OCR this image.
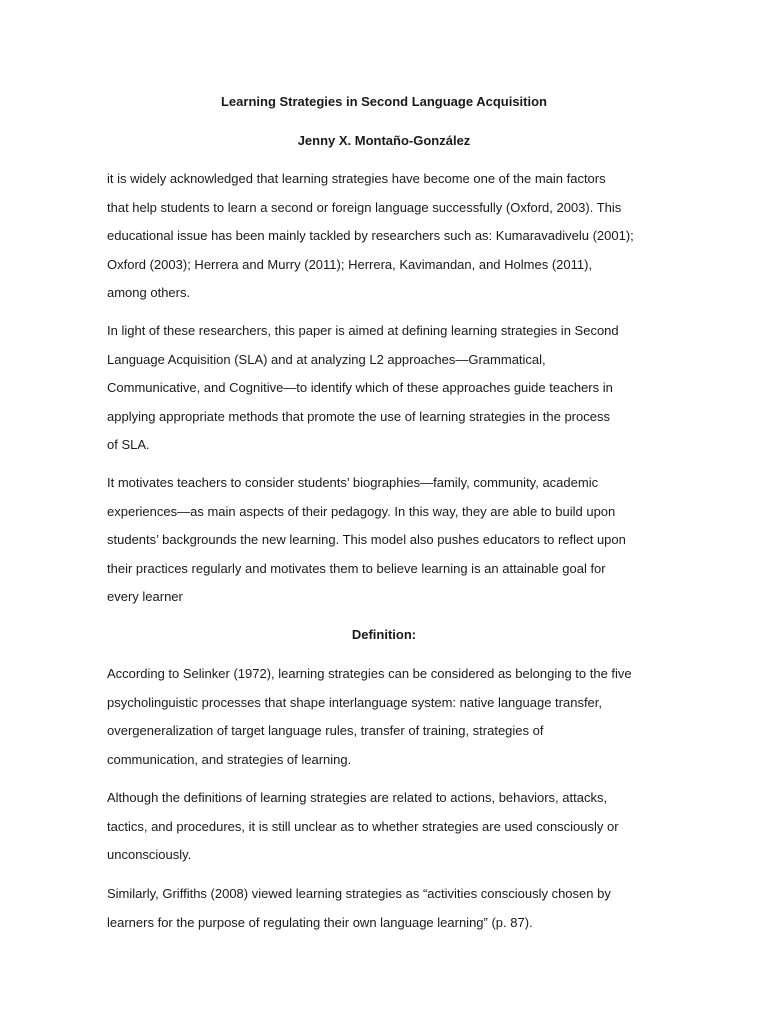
Learning Strategies in Second Language Acquisition
Jenny X. Montaño-González

it is widely acknowledged that learning strategies have become one of the main factors
that help students to learn a second or foreign language successfully (Oxford, 2003). This
educational issue has been mainly tackled by researchers such as: Kumaravadivelu (2001);
Oxford (2003); Herrera and Murry (2011); Herrera, Kavimandan, and Holmes (2011),
among others.

In light of these researchers, this paper is aimed at defining learning strategies in Second
Language Acquisition (SLA) and at analyzing L2 approaches—Grammatical,
Communicative, and Cognitive—to identify which of these approaches guide teachers in
applying appropriate methods that promote the use of learning strategies in the process
of SLA.

It motivates teachers to consider students’ biographies—family, community, academic
experiences—as main aspects of their pedagogy. In this way, they are able to build upon
students’ backgrounds the new learning. This model also pushes educators to reflect upon
their practices regularly and motivates them to believe learning is an attainable goal for
every learner

Definition:

According to Selinker (1972), learning strategies can be considered as belonging to the five
psycholinguistic processes that shape interlanguage system: native language transfer,
overgeneralization of target language rules, transfer of training, strategies of
communication, and strategies of learning.

Although the definitions of learning strategies are related to actions, behaviors, attacks,
tactics, and procedures, it is still unclear as to whether strategies are used consciously or
unconsciously.

Similarly, Griffiths (2008) viewed learning strategies as “activities consciously chosen by
learners for the purpose of regulating their own language learning” (p. 87).
